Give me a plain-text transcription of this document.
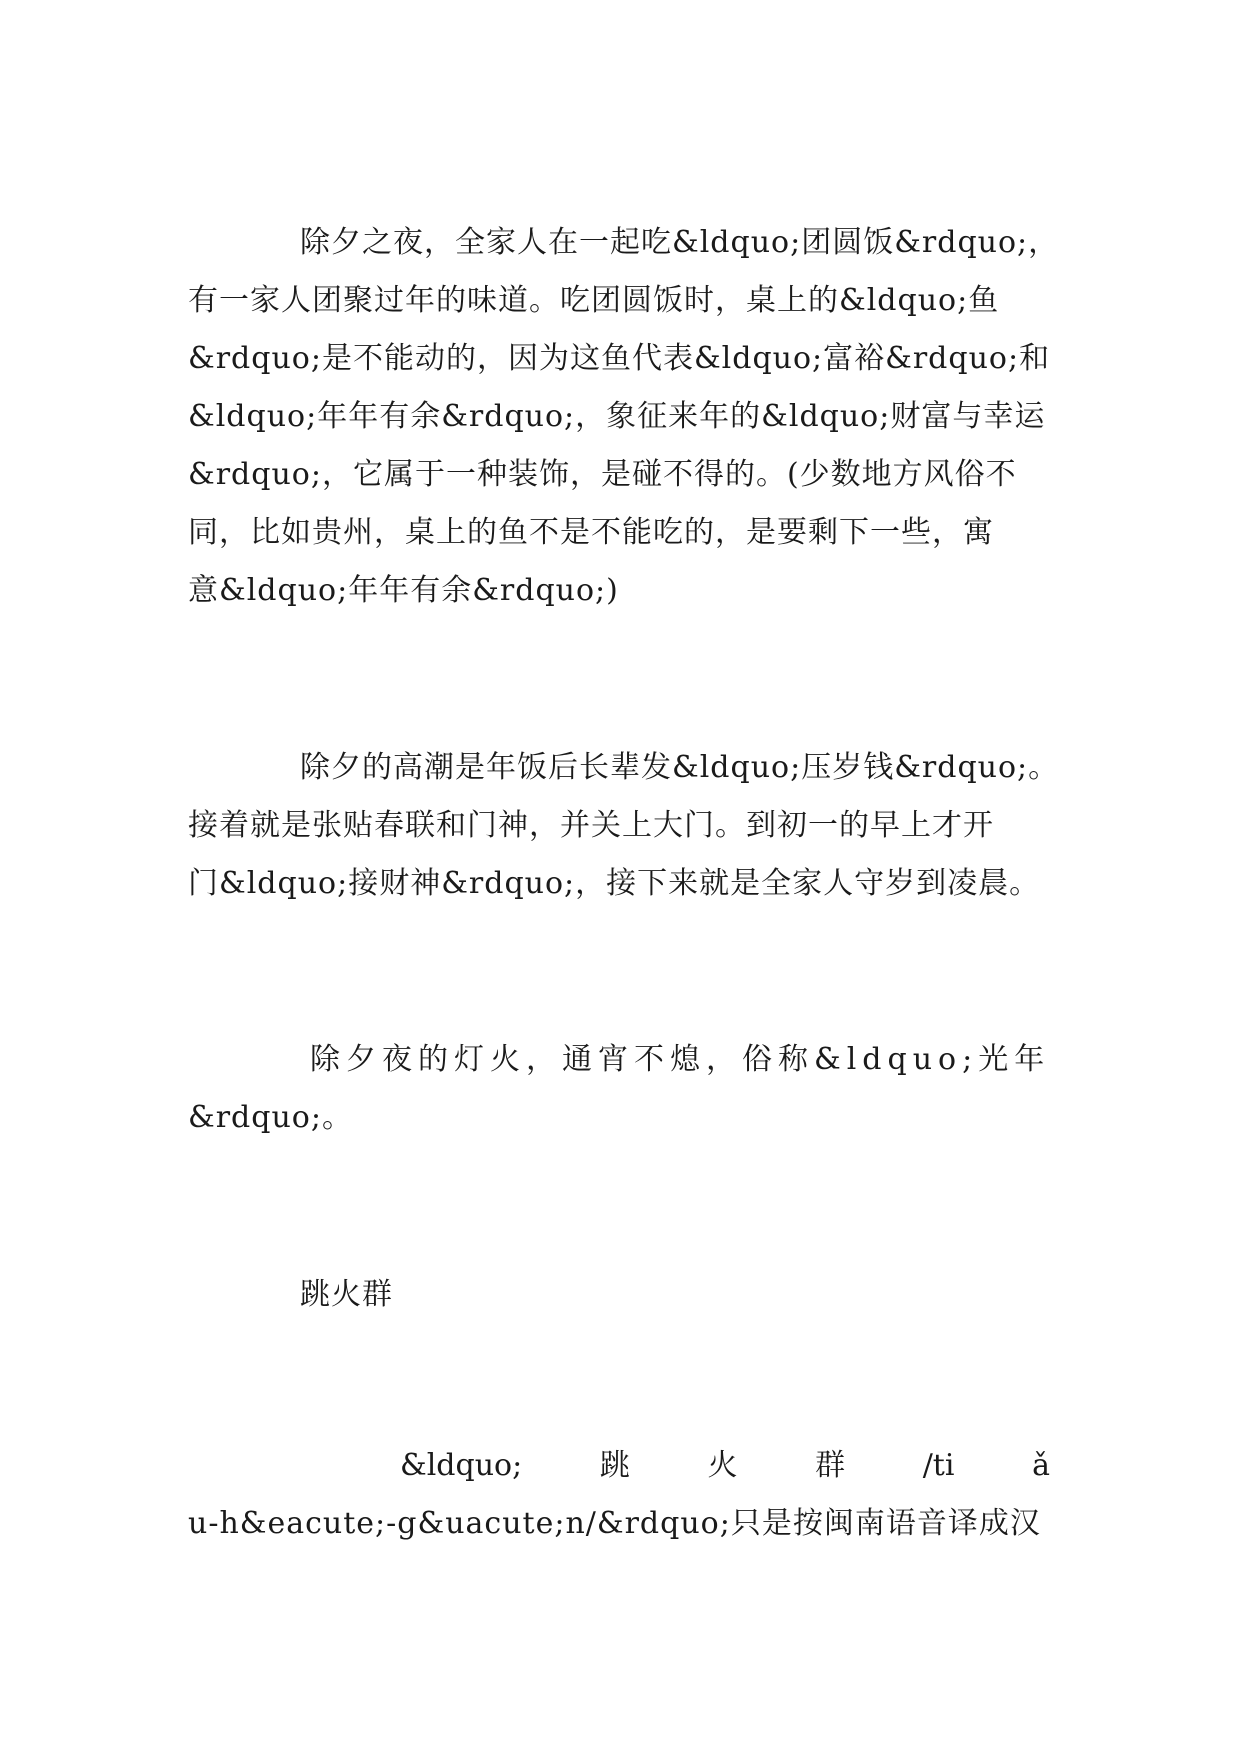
除夕之夜，全家人在一起吃&ldquo;团圆饭&rdquo;，
有一家人团聚过年的味道。吃团圆饭时，桌上的&ldquo;鱼
&rdquo;是不能动的，因为这鱼代表&ldquo;富裕&rdquo;和
&ldquo;年年有余&rdquo;，象征来年的&ldquo;财富与幸运
&rdquo;，它属于一种装饰，是碰不得的。(少数地方风俗不
同，比如贵州，桌上的鱼不是不能吃的，是要剩下一些，寓
意&ldquo;年年有余&rdquo;)
除夕的高潮是年饭后长辈发&ldquo;压岁钱&rdquo;。
接着就是张贴春联和门神，并关上大门。到初一的早上才开
门&ldquo;接财神&rdquo;，接下来就是全家人守岁到凌晨。
除夕夜的灯火，通宵不熄，俗称&ldquo;光年
&rdquo;。
跳火群
&ldquo;	跳	火	群	/ti	ǎ
u-h&eacute;-g&uacute;n/&rdquo;只是按闽南语音译成汉
